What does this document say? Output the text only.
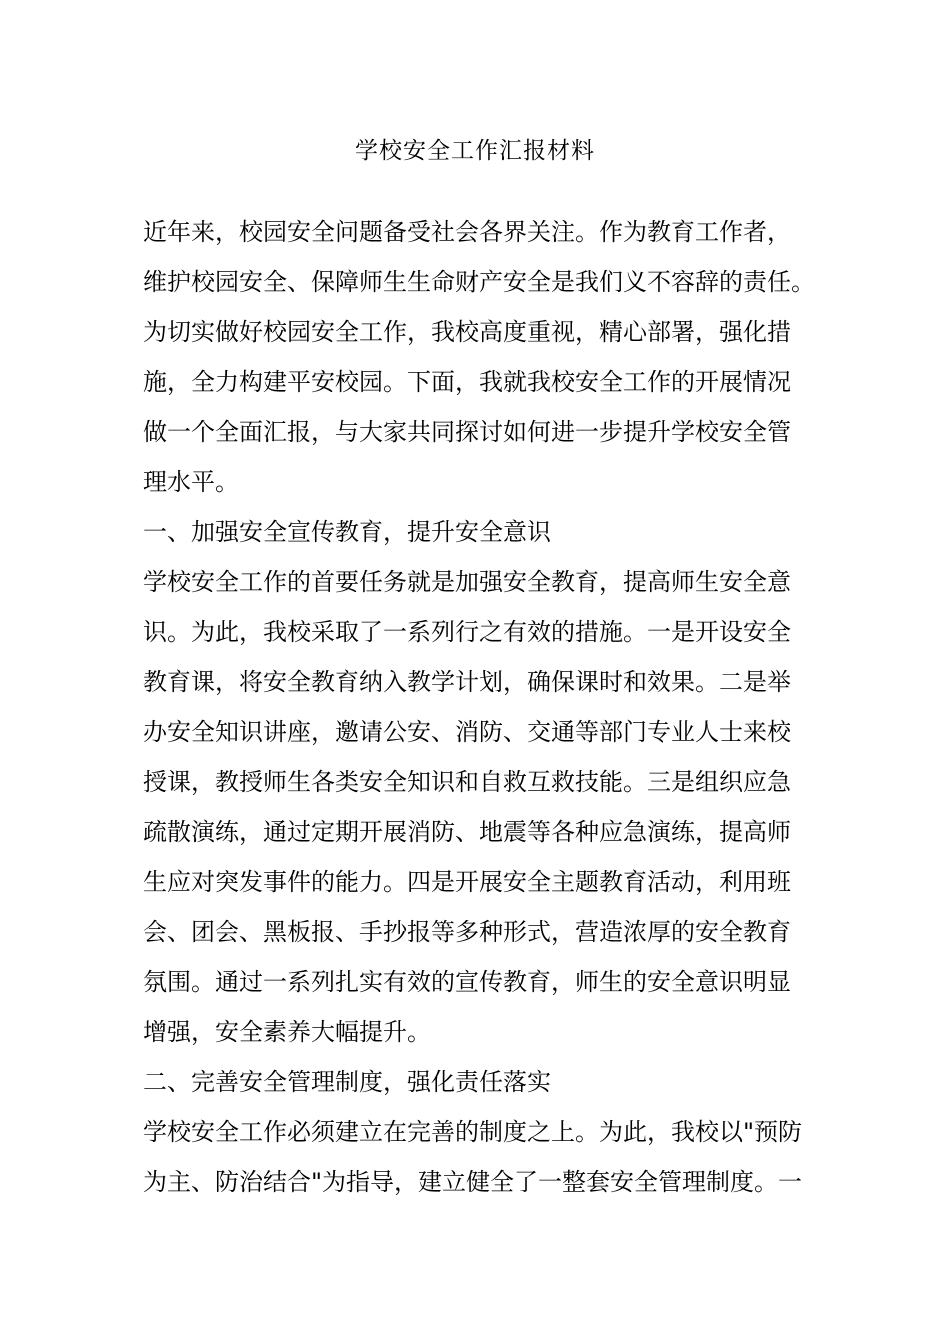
学校安全工作汇报材料
近年来，校园安全问题备受社会各界关注。作为教育工作者，
维护校园安全、保障师生生命财产安全是我们义不容辞的责任。
为切实做好校园安全工作，我校高度重视，精心部署，强化措
施，全力构建平安校园。下面，我就我校安全工作的开展情况
做一个全面汇报，与大家共同探讨如何进一步提升学校安全管
理水平。
一、加强安全宣传教育，提升安全意识
学校安全工作的首要任务就是加强安全教育，提高师生安全意
识。为此，我校采取了一系列行之有效的措施。一是开设安全
教育课，将安全教育纳入教学计划，确保课时和效果。二是举
办安全知识讲座，邀请公安、消防、交通等部门专业人士来校
授课，教授师生各类安全知识和自救互救技能。三是组织应急
疏散演练，通过定期开展消防、地震等各种应急演练，提高师
生应对突发事件的能力。四是开展安全主题教育活动，利用班
会、团会、黑板报、手抄报等多种形式，营造浓厚的安全教育
氛围。通过一系列扎实有效的宣传教育，师生的安全意识明显
增强，安全素养大幅提升。
二、完善安全管理制度，强化责任落实
学校安全工作必须建立在完善的制度之上。为此，我校以"预防
为主、防治结合"为指导，建立健全了一整套安全管理制度。一
